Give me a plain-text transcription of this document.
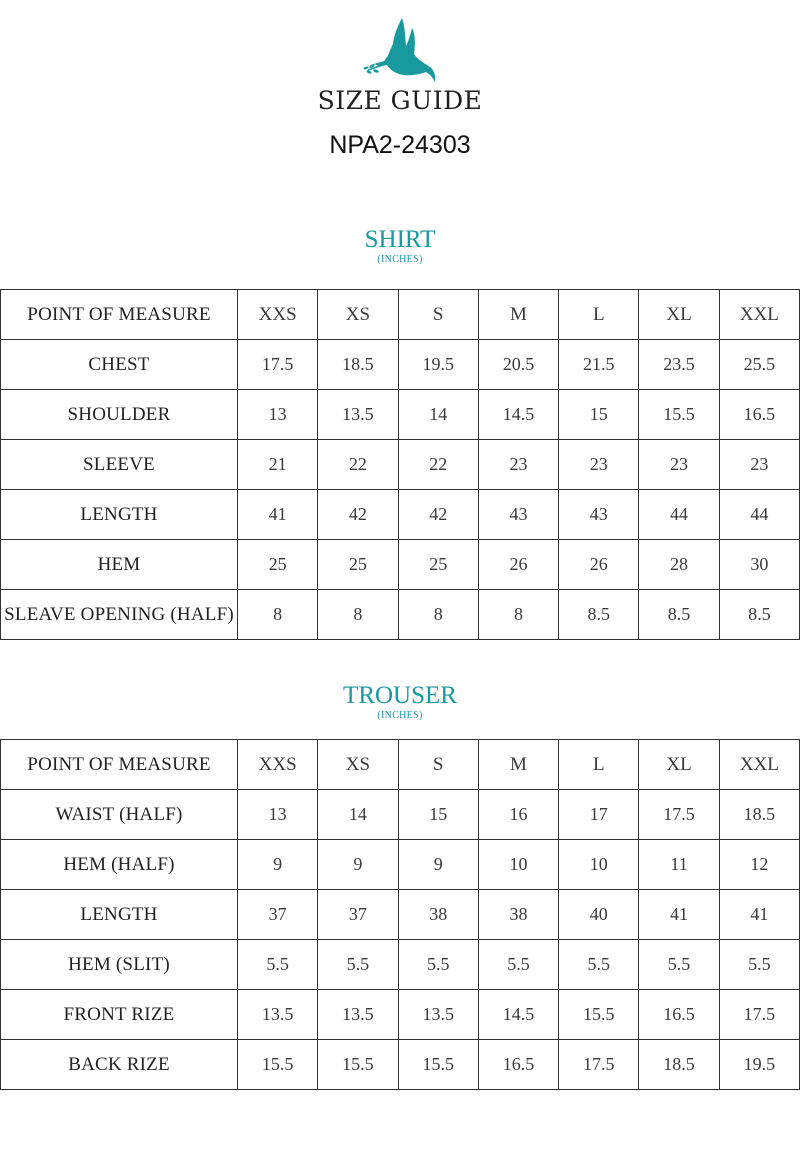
SIZE GUIDE
NPA2-24303
SHIRT
(INCHES)
POINT OF MEASURE	XXS	XS	S	M	L	XL	XXL
CHEST	17.5	18.5	19.5	20.5	21.5	23.5	25.5
SHOULDER	13	13.5	14	14.5	15	15.5	16.5
SLEEVE	21	22	22	23	23	23	23
LENGTH	41	42	42	43	43	44	44
HEM	25	25	25	26	26	28	30
SLEAVE OPENING (HALF)	8	8	8	8	8.5	8.5	8.5
TROUSER
(INCHES)
POINT OF MEASURE	XXS	XS	S	M	L	XL	XXL
WAIST (HALF)	13	14	15	16	17	17.5	18.5
HEM (HALF)	9	9	9	10	10	11	12
LENGTH	37	37	38	38	40	41	41
HEM (SLIT)	5.5	5.5	5.5	5.5	5.5	5.5	5.5
FRONT RIZE	13.5	13.5	13.5	14.5	15.5	16.5	17.5
BACK RIZE	15.5	15.5	15.5	16.5	17.5	18.5	19.5
